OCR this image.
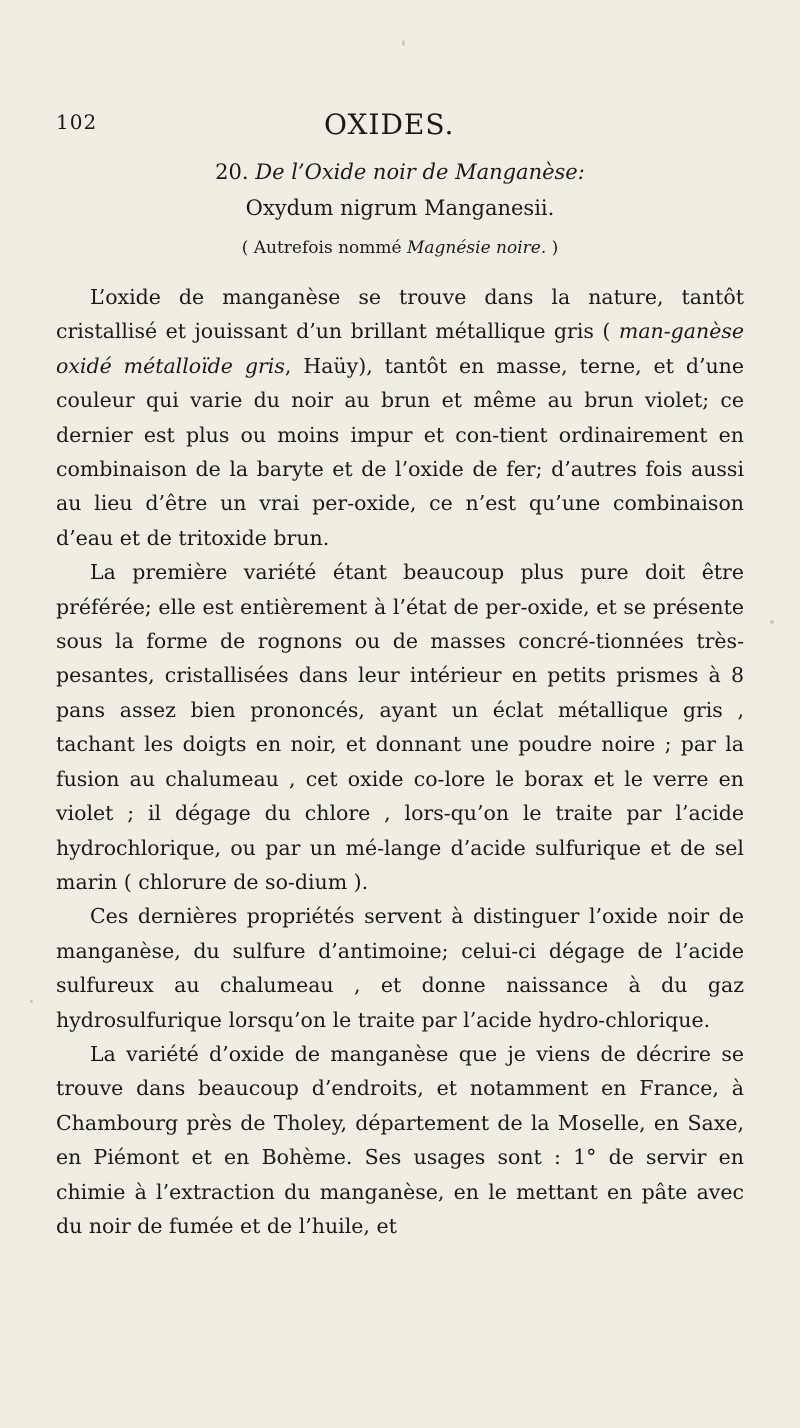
102	OXIDES.
20. De l’Oxide noir de Manganèse:
Oxydum nigrum Manganesii.
( Autrefois nommé Magnésie noire. )

L’oxide de manganèse se trouve dans la nature, tantôt cristallisé et jouissant d’un brillant métallique gris ( man-ganèse oxidé métalloïde gris, Haüy), tantôt en masse, terne, et d’une couleur qui varie du noir au brun et même au brun violet; ce dernier est plus ou moins impur et con-tient ordinairement en combinaison de la baryte et de l’oxide de fer; d’autres fois aussi au lieu d’être un vrai per-oxide, ce n’est qu’une combinaison d’eau et de tritoxide brun.

La première variété étant beaucoup plus pure doit être préférée; elle est entièrement à l’état de per-oxide, et se présente sous la forme de rognons ou de masses concré-tionnées très-pesantes, cristallisées dans leur intérieur en petits prismes à 8 pans assez bien prononcés, ayant un éclat métallique gris , tachant les doigts en noir, et donnant une poudre noire ; par la fusion au chalumeau , cet oxide co-lore le borax et le verre en violet ; il dégage du chlore , lors-qu’on le traite par l’acide hydrochlorique, ou par un mé-lange d’acide sulfurique et de sel marin ( chlorure de so-dium ).

Ces dernières propriétés servent à distinguer l’oxide noir de manganèse, du sulfure d’antimoine; celui-ci dégage de l’acide sulfureux au chalumeau , et donne naissance à du gaz hydrosulfurique lorsqu’on le traite par l’acide hydro-chlorique.

La variété d’oxide de manganèse que je viens de décrire se trouve dans beaucoup d’endroits, et notamment en France, à Chambourg près de Tholey, département de la Moselle, en Saxe, en Piémont et en Bohème. Ses usages sont : 1° de servir en chimie à l’extraction du manganèse, en le mettant en pâte avec du noir de fumée et de l’huile, et
